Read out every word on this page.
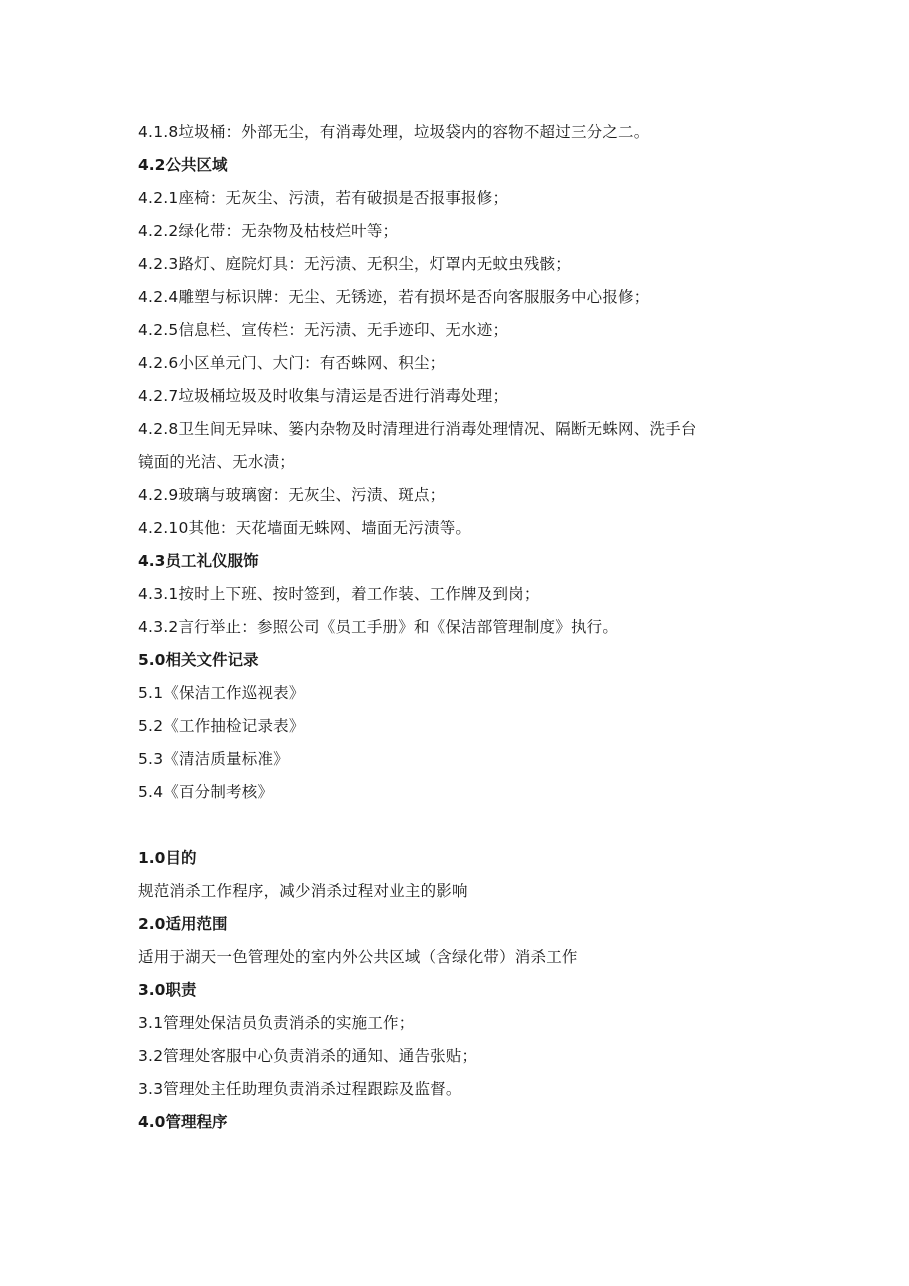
4.1.8垃圾桶：外部无尘，有消毒处理，垃圾袋内的容物不超过三分之二。
4.2公共区域
4.2.1座椅：无灰尘、污渍，若有破损是否报事报修；
4.2.2绿化带：无杂物及枯枝烂叶等；
4.2.3路灯、庭院灯具：无污渍、无积尘，灯罩内无蚊虫残骸；
4.2.4雕塑与标识牌：无尘、无锈迹，若有损坏是否向客服服务中心报修；
4.2.5信息栏、宣传栏：无污渍、无手迹印、无水迹；
4.2.6小区单元门、大门：有否蛛网、积尘；
4.2.7垃圾桶垃圾及时收集与清运是否进行消毒处理；
4.2.8卫生间无异味、篓内杂物及时清理进行消毒处理情况、隔断无蛛网、洗手台
镜面的光洁、无水渍；
4.2.9玻璃与玻璃窗：无灰尘、污渍、斑点；
4.2.10其他：天花墙面无蛛网、墙面无污渍等。
4.3员工礼仪服饰
4.3.1按时上下班、按时签到，着工作装、工作牌及到岗；
4.3.2言行举止：参照公司《员工手册》和《保洁部管理制度》执行。
5.0相关文件记录
5.1《保洁工作巡视表》
5.2《工作抽检记录表》
5.3《清洁质量标准》
5.4《百分制考核》
1.0目的
规范消杀工作程序，减少消杀过程对业主的影响
2.0适用范围
适用于湖天一色管理处的室内外公共区域（含绿化带）消杀工作
3.0职责
3.1管理处保洁员负责消杀的实施工作；
3.2管理处客服中心负责消杀的通知、通告张贴；
3.3管理处主任助理负责消杀过程跟踪及监督。
4.0管理程序
